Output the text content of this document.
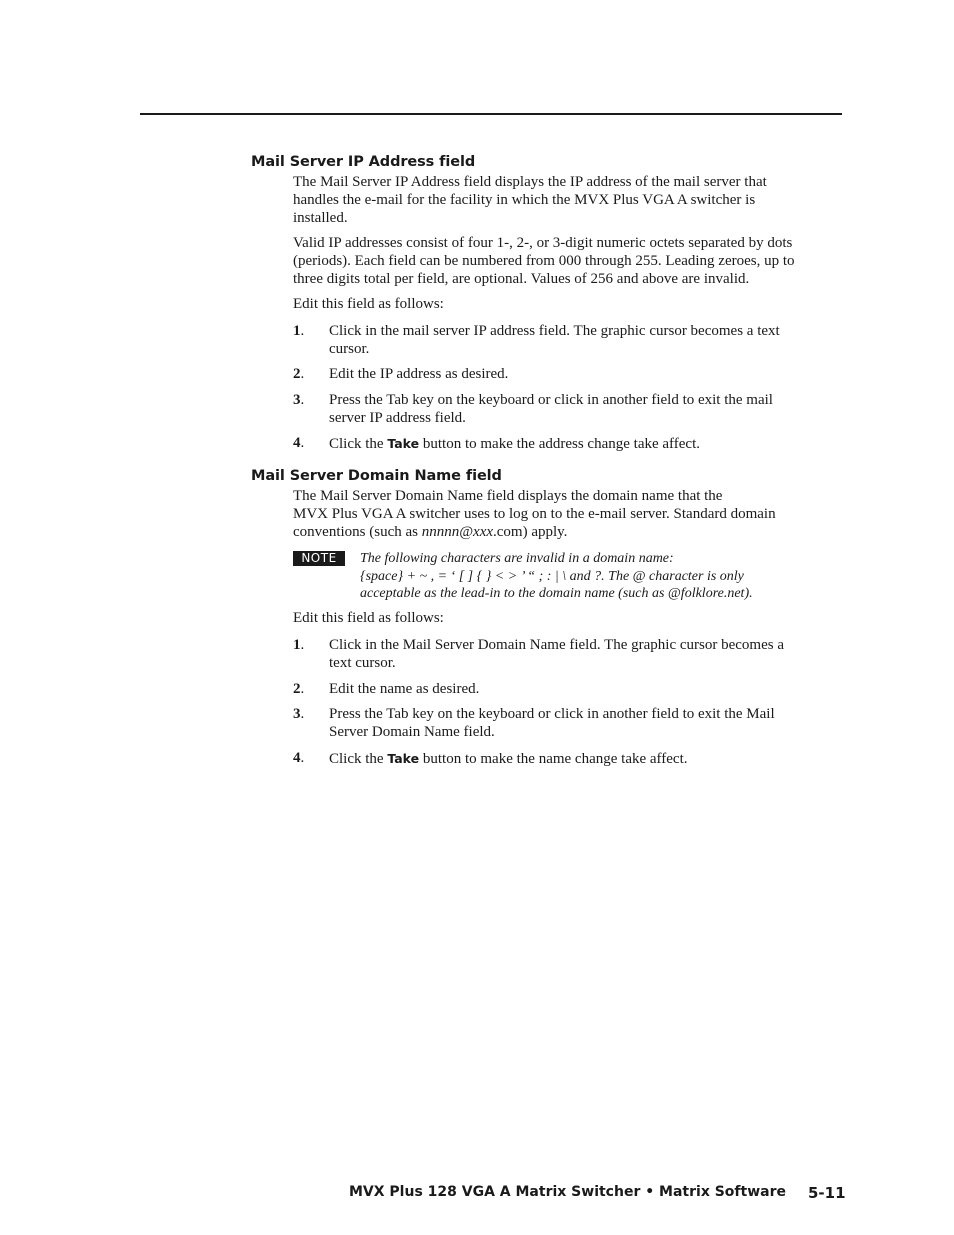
Mail Server IP Address field
The Mail Server IP Address field displays the IP address of the mail server that
handles the e-mail for the facility in which the MVX Plus VGA A switcher is
installed.
Valid IP addresses consist of four 1-, 2-, or 3-digit numeric octets separated by dots
(periods). Each field can be numbered from 000 through 255. Leading zeroes, up to
three digits total per field, are optional. Values of 256 and above are invalid.
Edit this field as follows:
1. Click in the mail server IP address field. The graphic cursor becomes a text
cursor.
2. Edit the IP address as desired.
3. Press the Tab key on the keyboard or click in another field to exit the mail
server IP address field.
4. Click the Take button to make the address change take affect.
Mail Server Domain Name field
The Mail Server Domain Name field displays the domain name that the
MVX Plus VGA A switcher uses to log on to the e-mail server. Standard domain
conventions (such as nnnnn@xxx.com) apply.
NOTE	The following characters are invalid in a domain name:
{space} + ~ , = ‘ [ ] { } < > ’ “ ; : | \ and ?. The @ character is only
acceptable as the lead-in to the domain name (such as @folklore.net).
Edit this field as follows:
1. Click in the Mail Server Domain Name field. The graphic cursor becomes a
text cursor.
2. Edit the name as desired.
3. Press the Tab key on the keyboard or click in another field to exit the Mail
Server Domain Name field.
4. Click the Take button to make the name change take affect.
MVX Plus 128 VGA A Matrix Switcher • Matrix Software 5-11
